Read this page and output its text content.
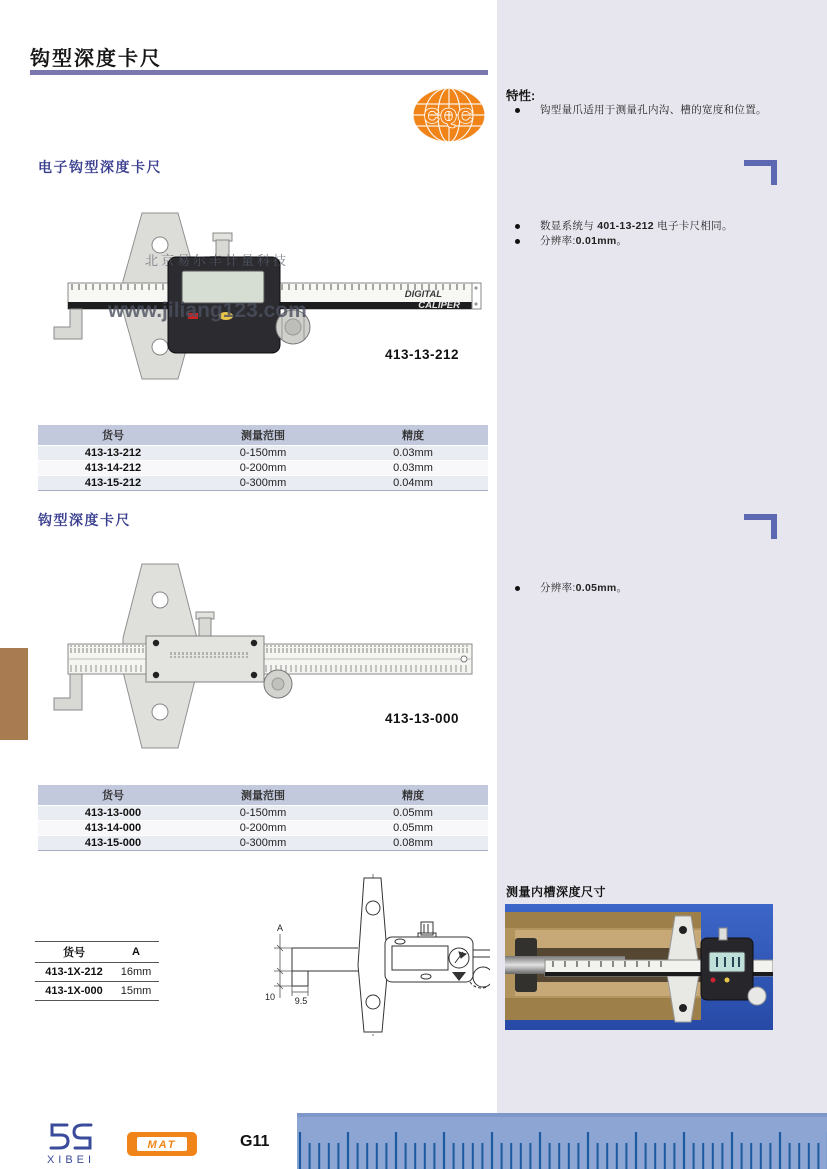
特性:
钩型量爪适用于测量孔内沟、槽的宽度和位置。
数显系统与 401-13-212 电子卡尺相同。
分辨率:0.01mm。
分辨率:0.05mm。
测量内槽深度尺寸
钩型深度卡尺
CQC
电子钩型深度卡尺
DIGITAL
CALIPER
北京易尔丰计量科技
www.jiliang123.com
413-13-212
货号	测量范围	精度
413-13-212	0-150mm	0.03mm
413-14-212	0-200mm	0.03mm
413-15-212	0-300mm	0.04mm
钩型深度卡尺
413-13-000
货号	测量范围	精度
413-13-000	0-150mm	0.05mm
413-14-000	0-200mm	0.05mm
413-15-000	0-300mm	0.08mm
货号	A
413-1X-212	16mm
413-1X-000	15mm
A
10 9.5
XIBEI
MAT	G11
